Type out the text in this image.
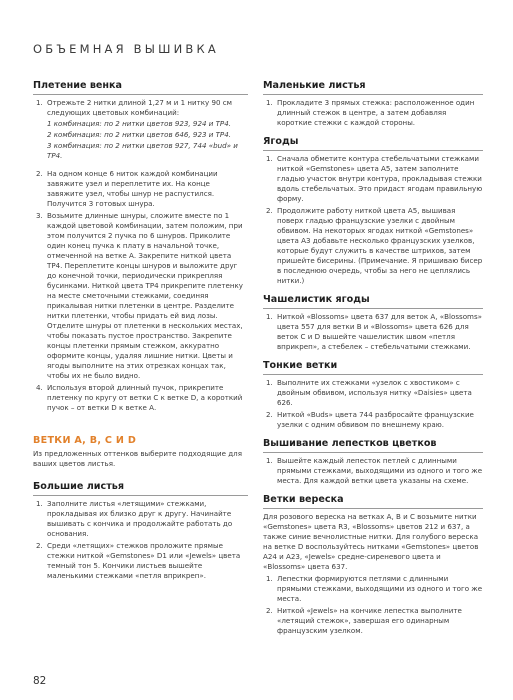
ОБЪЕМНАЯ ВЫШИВКА
Плетение венка
1. Отрежьте 2 нитки длиной 1,27 м и 1 нитку 90 см следующих цветовых комбинаций:
1 комбинация: по 2 нитки цветов 923, 924 и ТР4.
2 комбинация: по 2 нитки цветов 646, 923 и ТР4.
3 комбинация: по 2 нитки цветов 927, 744 «bud» и ТР4.
2. На одном конце 6 ниток каждой комбинации завяжите узел и переплетите их. На конце завяжите узел, чтобы шнур не распустился. Получится 3 готовых шнура.
3. Возьмите длинные шнуры, сложите вместе по 1 каждой цветовой комбинации, затем положим, при этом получится 2 пучка по 6 шнуров. Приколите один конец пучка к плату в начальной точке, отмеченной на ветке А. Закрепите ниткой цвета ТР4. Переплетите концы шнуров и выложите друг до конечной точки, периодически прикрепляя бусинками. Ниткой цвета ТР4 прикрепите плетенку на месте сметочными стежками, соединяя прикалывая нитки плетенки в центре. Разделите нитки плетенки, чтобы придать ей вид лозы. Отделите шнуры от плетенки в нескольких местах, чтобы показать пустое пространство. Закрепите концы плетенки прямым стежком, аккуратно оформите концы, удаляя лишние нитки. Цветы и ягоды выполните на этих отрезках концах так, чтобы их не было видно.
4. Используя второй длинный пучок, прикрепите плетенку по кругу от ветки С к ветке D, а короткий пучок – от ветки D к ветке А.
ВЕТКИ А, В, С И D

Из предложенных оттенков выберите подходящие для ваших цветов листья.

Большие листья
1. Заполните листья «летящими» стежками, прокладывая их близко друг к другу. Начинайте вышивать с кончика и продолжайте работать до основания.
2. Среди «летящих» стежков проложите прямые стежки ниткой «Gemstones» D1 или «Jewels» цвета темный тон 5. Кончики листьев вышейте маленькими стежками «петля вприкреп».
Маленькие листья
1. Прокладите 3 прямых стежка: расположенное один длинный стежок в центре, а затем добавляя короткие стежки с каждой стороны.
Ягоды
1. Сначала обметите контура стебельчатыми стежками ниткой «Gemstones» цвета А5, затем заполните гладью участок внутри контура, прокладывая стежки вдоль стебельчатых. Это придаст ягодам правильную форму.
2. Продолжите работу ниткой цвета А5, вышивая поверх гладью французские узелки с двойным обвивом. На некоторых ягодах ниткой «Gemstones» цвета А3 добавьте несколько французских узелков, которые будут служить в качестве штрихов, затем пришейте бисерины. (Примечание. Я пришиваю бисер в последнюю очередь, чтобы за него не цеплялись нитки.)
Чашелистик ягоды
1. Ниткой «Blossoms» цвета 637 для веток А, «Blossoms» цвета 557 для ветки В и «Blossoms» цвета 626 для веток С и D вышейте чашелистик швом «петля вприкреп», а стебелек – стебельчатыми стежками.
Тонкие ветки
1. Выполните их стежками «узелок с хвостиком» с двойным обвивом, используя нитку «Daisies» цвета 626.
2. Ниткой «Buds» цвета 744 разбросайте французские узелки с одним обвивом по внешнему краю.
Вышивание лепестков цветков
1. Вышейте каждый лепесток петлей с длинными прямыми стежками, выходящими из одного и того же места. Для каждой ветки цвета указаны на схеме.
Ветки вереска

Для розового вереска на ветках А, В и С возьмите нитки «Gemstones» цвета R3, «Blossoms» цветов 212 и 637, а также синие вечнолистные нитки. Для голубого вереска на ветке D воспользуйтесь нитками «Gemstones» цветов А24 и А23, «Jewels» средне-сиреневого цвета и «Blossoms» цвета 637.

1. Лепестки формируются петлями с длинными прямыми стежками, выходящими из одного и того же места.
2. Ниткой «Jewels» на кончике лепестка выполните «летящий стежок», завершая его одинарным французским узелком.
82
